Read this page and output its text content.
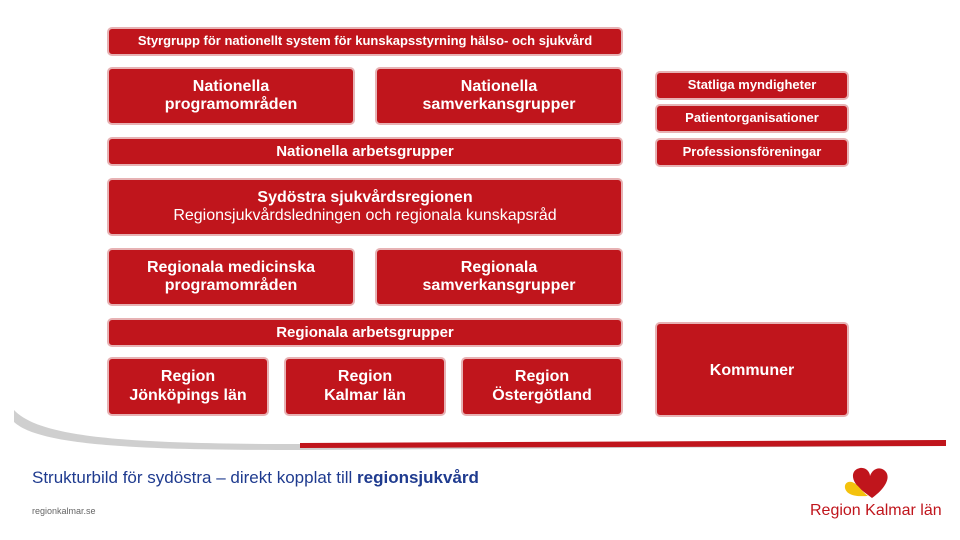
Styrgrupp för nationellt system för kunskapsstyrning hälso- och sjukvård
Nationella
programområden
Nationella
samverkansgrupper
Nationella arbetsgrupper
Statliga myndigheter
Patientorganisationer
Professionsföreningar
Sydöstra sjukvårdsregionen
Regionsjukvårdsledningen och regionala kunskapsråd
Regionala medicinska
programområden
Regionala
samverkansgrupper
Regionala arbetsgrupper
Region
Jönköpings län
Region
Kalmar län
Region
Östergötland
Kommuner
Strukturbild för sydöstra – direkt kopplat till regionsjukvård
regionkalmar.se	Region Kalmar län
